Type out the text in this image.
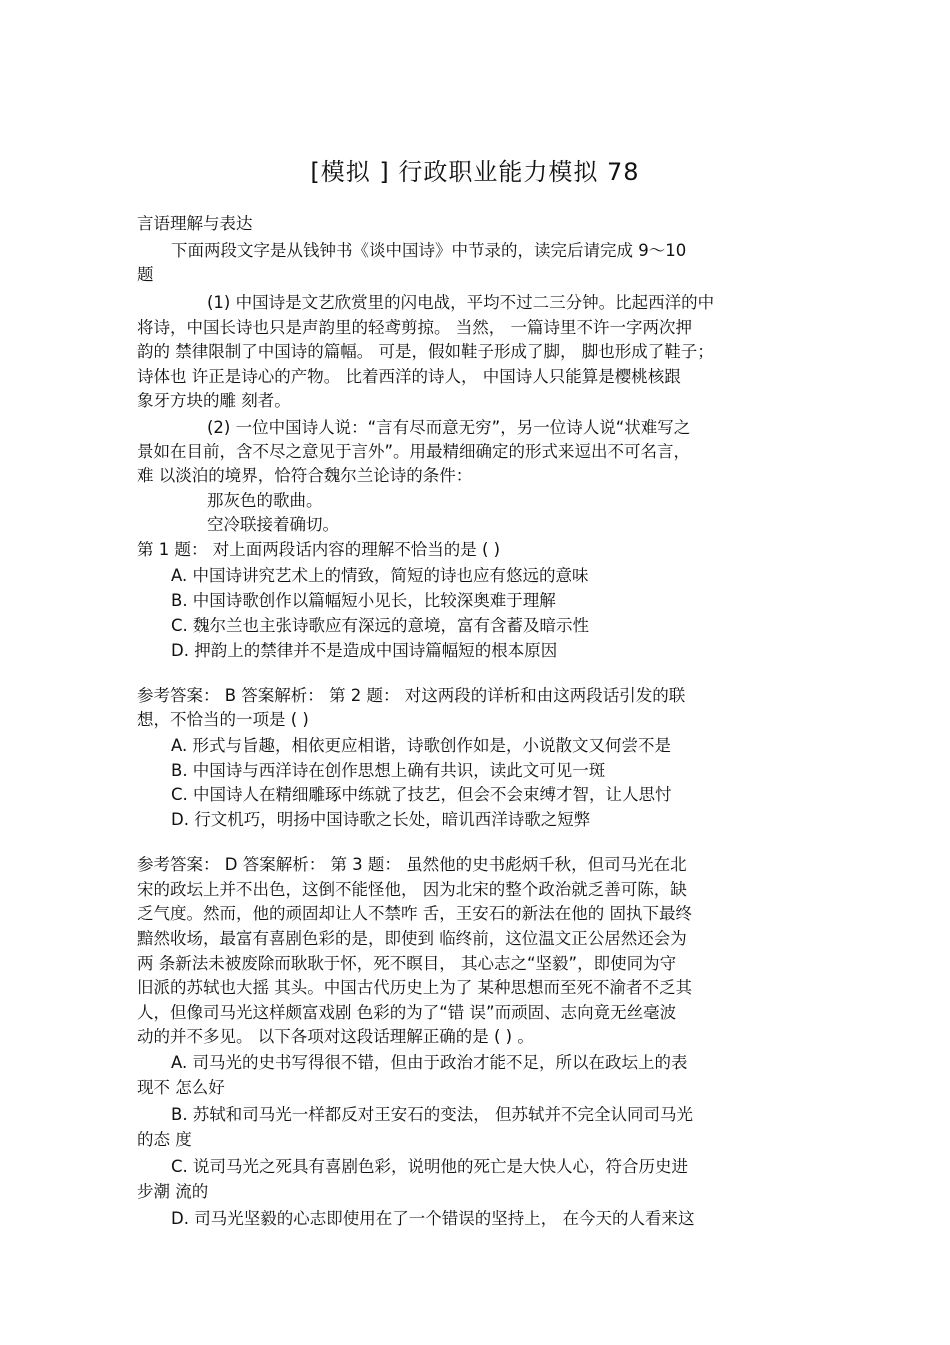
[模拟 ] 行政职业能力模拟 78
言语理解与表达
下面两段文字是从钱钟书《谈中国诗》中节录的，读完后请完成 9～10
题
(1) 中国诗是文艺欣赏里的闪电战，平均不过二三分钟。比起西洋的中
将诗，中国长诗也只是声韵里的轻鸢剪掠。 当然， 一篇诗里不许一字两次押
韵的 禁律限制了中国诗的篇幅。 可是，假如鞋子形成了脚， 脚也形成了鞋子；
诗体也 许正是诗心的产物。 比着西洋的诗人， 中国诗人只能算是樱桃核跟
象牙方块的雕 刻者。
(2) 一位中国诗人说：“言有尽而意无穷”，另一位诗人说“状难写之
景如在目前，含不尽之意见于言外”。用最精细确定的形式来逗出不可名言，
难 以淡泊的境界，恰符合魏尔兰论诗的条件：
那灰色的歌曲。
空冷联接着确切。
第 1 题： 对上面两段话内容的理解不恰当的是 ( )
A. 中国诗讲究艺术上的情致，简短的诗也应有悠远的意味
B. 中国诗歌创作以篇幅短小见长，比较深奥难于理解
C. 魏尔兰也主张诗歌应有深远的意境，富有含蓄及暗示性
D. 押韵上的禁律并不是造成中国诗篇幅短的根本原因
参考答案： B 答案解析： 第 2 题： 对这两段的详析和由这两段话引发的联
想，不恰当的一项是 ( )
A. 形式与旨趣，相依更应相谐，诗歌创作如是，小说散文又何尝不是
B. 中国诗与西洋诗在创作思想上确有共识，读此文可见一斑
C. 中国诗人在精细雕琢中练就了技艺，但会不会束缚才智，让人思忖
D. 行文机巧，明扬中国诗歌之长处，暗讥西洋诗歌之短弊
参考答案： D 答案解析： 第 3 题： 虽然他的史书彪炳千秋，但司马光在北
宋的政坛上并不出色，这倒不能怪他， 因为北宋的整个政治就乏善可陈，缺
乏气度。然而，他的顽固却让人不禁咋 舌，王安石的新法在他的 固执下最终
黯然收场，最富有喜剧色彩的是，即使到 临终前，这位温文正公居然还会为
两 条新法未被废除而耿耿于怀，死不瞑目， 其心志之“坚毅”，即使同为守
旧派的苏轼也大摇 其头。中国古代历史上为了 某种思想而至死不渝者不乏其
人，但像司马光这样颇富戏剧 色彩的为了“错 误”而顽固、志向竟无丝毫波
动的并不多见。 以下各项对这段话理解正确的是 ( ) 。
A. 司马光的史书写得很不错，但由于政治才能不足，所以在政坛上的表
现不 怎么好
B. 苏轼和司马光一样都反对王安石的变法， 但苏轼并不完全认同司马光
的态 度
C. 说司马光之死具有喜剧色彩，说明他的死亡是大快人心，符合历史进
步潮 流的
D. 司马光坚毅的心志即使用在了一个错误的坚持上， 在今天的人看来这
